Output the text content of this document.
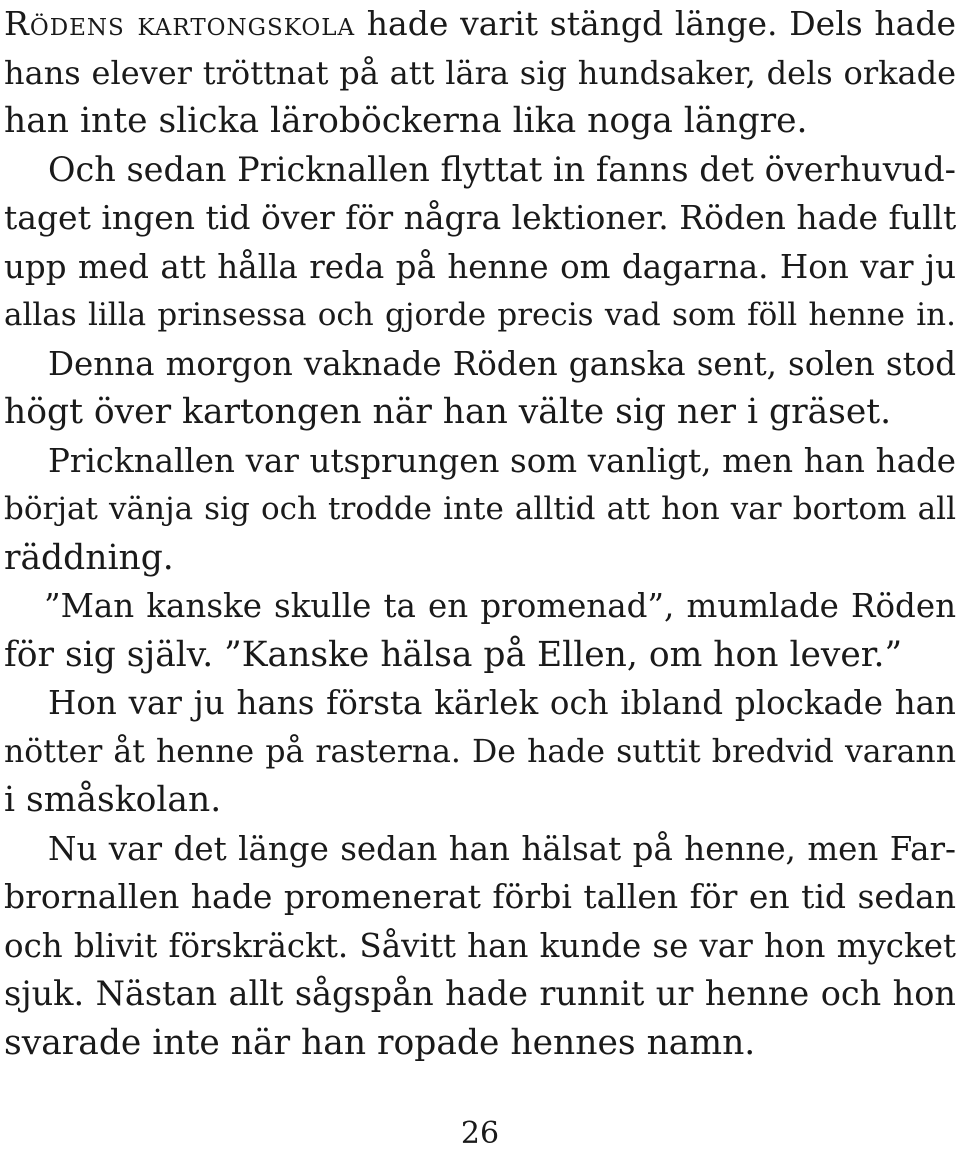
Rödens kartongskola hade varit stängd länge. Dels hade
hans elever tröttnat på att lära sig hundsaker, dels orkade
han inte slicka läroböckerna lika noga längre.
Och sedan Pricknallen flyttat in fanns det överhuvud-
taget ingen tid över för några lektioner. Röden hade fullt
upp med att hålla reda på henne om dagarna. Hon var ju
allas lilla prinsessa och gjorde precis vad som föll henne in.
Denna morgon vaknade Röden ganska sent, solen stod
högt över kartongen när han välte sig ner i gräset.
Pricknallen var utsprungen som vanligt, men han hade
börjat vänja sig och trodde inte alltid att hon var bortom all
räddning.
”Man kanske skulle ta en promenad”, mumlade Röden
för sig själv. ”Kanske hälsa på Ellen, om hon lever.”
Hon var ju hans första kärlek och ibland plockade han
nötter åt henne på rasterna. De hade suttit bredvid varann
i småskolan.
Nu var det länge sedan han hälsat på henne, men Far-
brornallen hade promenerat förbi tallen för en tid sedan
och blivit förskräckt. Såvitt han kunde se var hon mycket
sjuk. Nästan allt sågspån hade runnit ur henne och hon
svarade inte när han ropade hennes namn.
26
